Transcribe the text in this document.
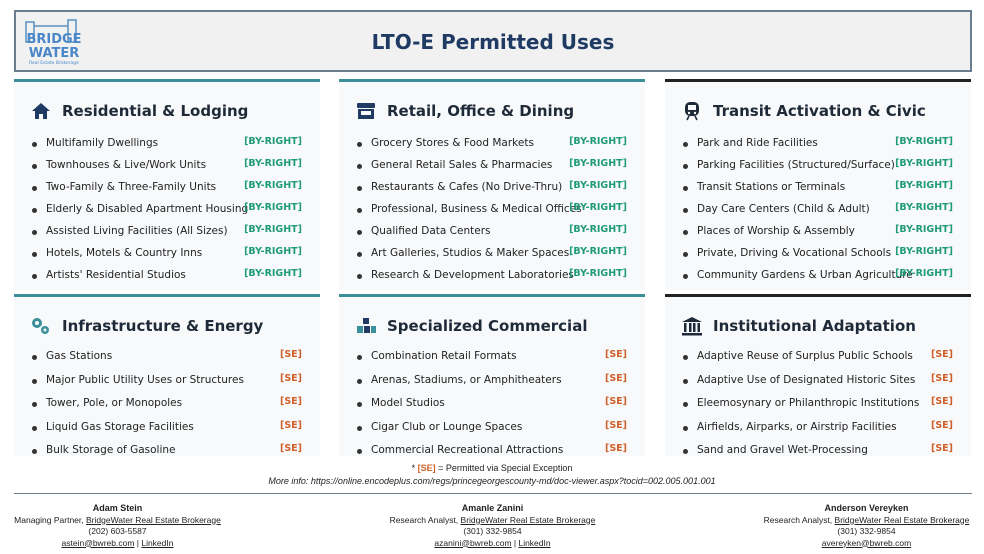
BRIDGE
WATER
Real Estate Brokerage
LTO-E Permitted Uses
Residential & Lodging
Multifamily Dwellings	[BY-RIGHT]
Townhouses & Live/Work Units	[BY-RIGHT]
Two-Family & Three-Family Units	[BY-RIGHT]
Elderly & Disabled Apartment Housing
[BY-RIGHT]
Assisted Living Facilities (All Sizes) [BY-RIGHT]
Hotels, Motels & Country Inns	[BY-RIGHT]
Artists' Residential Studios	[BY-RIGHT]
Retail, Office & Dining
Grocery Stores & Food Markets	[BY-RIGHT]
General Retail Sales & Pharmacies [BY-RIGHT]
Restaurants & Cafes (No Drive-Thru) [BY-RIGHT]
Professional, Business & Medical Offices
[BY-RIGHT]
Qualified Data Centers	[BY-RIGHT]
Art Galleries, Studios & Maker Spaces [BY-RIGHT]
Research & Development Laboratories
[BY-RIGHT]
Transit Activation & Civic
Park and Ride Facilities	[BY-RIGHT]
Parking Facilities (Structured/Surface) [BY-RIGHT]
Transit Stations or Terminals	[BY-RIGHT]
Day Care Centers (Child & Adult)	[BY-RIGHT]
Places of Worship & Assembly	[BY-RIGHT]
Private, Driving & Vocational Schools [BY-RIGHT]
Community Gardens & Urban Agriculture
[BY-RIGHT]
Infrastructure & Energy
Gas Stations	[SE]
Major Public Utility Uses or Structures	[SE]
Tower, Pole, or Monopoles	[SE]
Liquid Gas Storage Facilities	[SE]
Bulk Storage of Gasoline	[SE]
Specialized Commercial
Combination Retail Formats	[SE]
Arenas, Stadiums, or Amphitheaters	[SE]
Model Studios	[SE]
Cigar Club or Lounge Spaces	[SE]
Commercial Recreational Attractions	[SE]
Institutional Adaptation
Adaptive Reuse of Surplus Public Schools [SE]
Adaptive Use of Designated Historic Sites [SE]
Eleemosynary or Philanthropic Institutions [SE]
Airfields, Airparks, or Airstrip Facilities	[SE]
Sand and Gravel Wet-Processing	[SE]
* [SE] = Permitted via Special Exception
More info: https://online.encodeplus.com/regs/princegeorgescounty-md/doc-viewer.aspx?tocid=002.005.001.001
Adam Stein
Managing Partner, BridgeWater Real Estate Brokerage
(202) 603-5587
astein@bwreb.com | LinkedIn
Amanle Zanini
Research Analyst, BridgeWater Real Estate Brokerage
(301) 332-9854
azanini@bwreb.com | LinkedIn
Anderson Vereyken
Research Analyst, BridgeWater Real Estate Brokerage
(301) 332-9854
avereyken@bwreb.com
